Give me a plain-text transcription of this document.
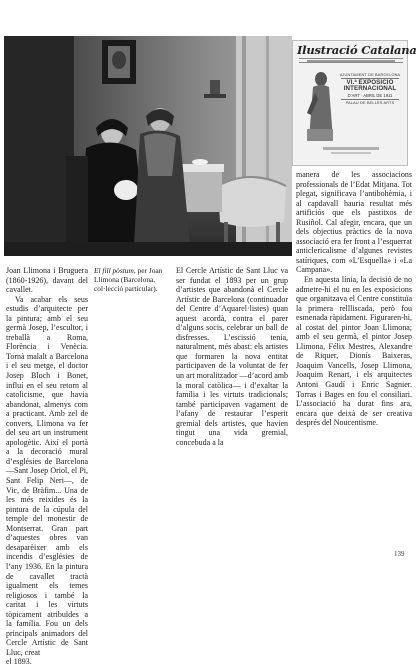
Ilustració Catalana
AJUNTAMENT DE BARCELONA
VI.ª EXPOSICIO
INTERNACIONAL
D’ART · ABRIL DE 1911
PALAU DE BELLES ARTS

Joan Llimona i Bruguera (1860-1926), davant del cavallet.

Va acabar els seus estudis d’arquitecte per la pintura; amb el seu germà Josep, l’escultor, i treballà a Roma, Florència i Venècia. Tornà malalt a Barcelona i el seu metge, el doctor Josep Bloch i Bonet, influí en el seu retorn al catolicisme, que havia abandonat, almenys com a practicant. Amb zel de convers, Llimona va fer del seu art un instrument apologètic. Així el portà a la decoració mural d’esglésies de Barcelona —Sant Josep Oriol, el Pi, Sant Felip Neri—, de Vic, de Bràfim... Una de les més reixides és la pintura de la cúpula del temple del monestir de Montserrat. Gran part d’aquestes obres van desaparèixer amb els incendis d’esglésies de l’any 1936. En la pintura de cavallet tractà igualment els temes religiosos i també la caritat i les virtuts tòpicament atribuïdes a la família. Fou un dels principals animadors del Cercle Artístic de Sant Lluc, creat

el 1893.

El fill pòstum, per Joan Llimona (Barcelona, col·lecció particular).

El Cercle Artístic de Sant Lluc va ser fundat el 1893 per un grup d’artistes que abandonà el Cercle Artístic de Barcelona (continuador del Centre d’Aquarel·listes) quan aquest acordà, contra el parer d’alguns socis, celebrar un ball de disfresses. L’escissió tenia, naturalment, més abast: els artistes que formaren la nova entitat participaven de la voluntat de fer un art moralitzador —d’acord amb la moral catòlica— i d’exaltar la família i les virtuts tradicionals; també participaven vagament de l’afany de restaurar l’esperit gremial dels artistes, que havien tingut una vida gremial, concebuda a la

manera de les associacions professionals de l’Edat Mitjana. Tot plegat, significava l’antibohèmia, i al capdavall hauria resultat més artificiós que els pastitxos de Rusiñol. Cal afegir, encara, que un dels objectius pràctics de la nova associació era fer front a l’esquerrat anticlericalisme d’algunes revistes satíriques, com «L’Esquella» i «La Campana».

En aquesta línia, la decisió de no admetre-hi el nu en les exposicions que organitzava el Centre constituïa la primera rellliscada, però fou esmenada ràpidament. Figuraren-hi, al costat del pintor Joan Llimona; amb el seu germà, el pintor Josep Llimona, Félix Mestres, Alexandre de Riquer, Dionís Baixeras, Joaquim Vancells, Josep Llimona, Joaquim Renart, i els arquitectes Antoni Gaudí i Enric Sagnier. Torras i Bages en fou el consiliari. L’associació ha durat fins ara, encara que deixà de ser creativa després del Noucentisme.

139
